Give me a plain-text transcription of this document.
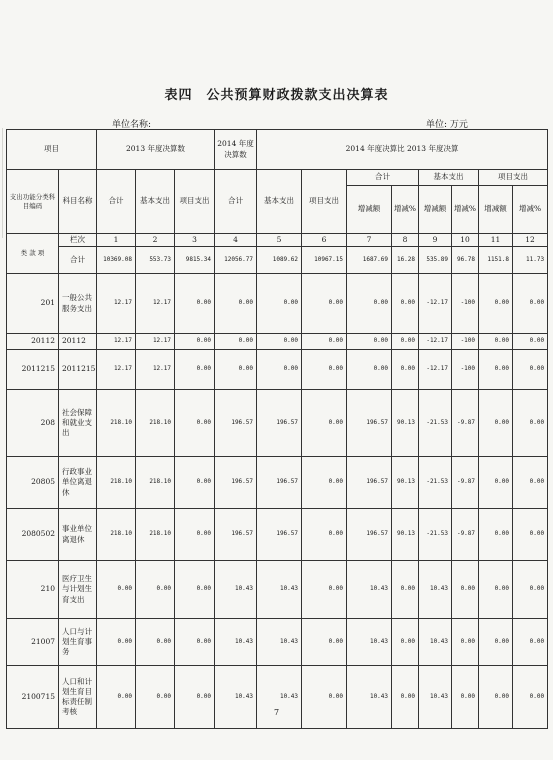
表四　公共预算财政拨款支出决算表
单位名称:	单位: 万元
项目		2013 年度决算数			2014 年度决算数	2014 年度决算比 2013 年度决算							
支出功能分类科目编码	科目名称	合计	基本支出	项目支出	合计	基本支出	项目支出	合计		基本支出		项目支出	
								增减额	增减%	增减额	增减%	增减额	增减%
类 款 项	栏次	1	2	3	4	5	6	7	8	9	10	11	12
	合计	10369.08	553.73	9815.34	12056.77	1089.62	10967.15	1687.69	16.28	535.89	96.78	1151.8	11.73
201	一般公共服务支出	12.17	12.17	0.00	0.00	0.00	0.00	0.00	0.00	-12.17	-100	0.00	0.00
20112	20112	12.17	12.17	0.00	0.00	0.00	0.00	0.00	0.00	-12.17	-100	0.00	0.00
2011215	2011215	12.17	12.17	0.00	0.00	0.00	0.00	0.00	0.00	-12.17	-100	0.00	0.00
208	社会保障和就业支出	218.10	218.10	0.00	196.57	196.57	0.00	196.57	90.13	-21.53	-9.87	0.00	0.00
20805	行政事业单位离退休	218.10	218.10	0.00	196.57	196.57	0.00	196.57	90.13	-21.53	-9.87	0.00	0.00
2080502	事业单位离退休	218.10	218.10	0.00	196.57	196.57	0.00	196.57	90.13	-21.53	-9.87	0.00	0.00
210	医疗卫生与计划生育支出	0.00	0.00	0.00	10.43	10.43	0.00	10.43	0.00	10.43	0.00	0.00	0.00
21007	人口与计划生育事务	0.00	0.00	0.00	10.43	10.43	0.00	10.43	0.00	10.43	0.00	0.00	0.00
2100715	人口和计划生育目标责任制考核	0.00	0.00	0.00	10.43	10.43	0.00	10.43	0.00	10.43	0.00	0.00	0.00
7
